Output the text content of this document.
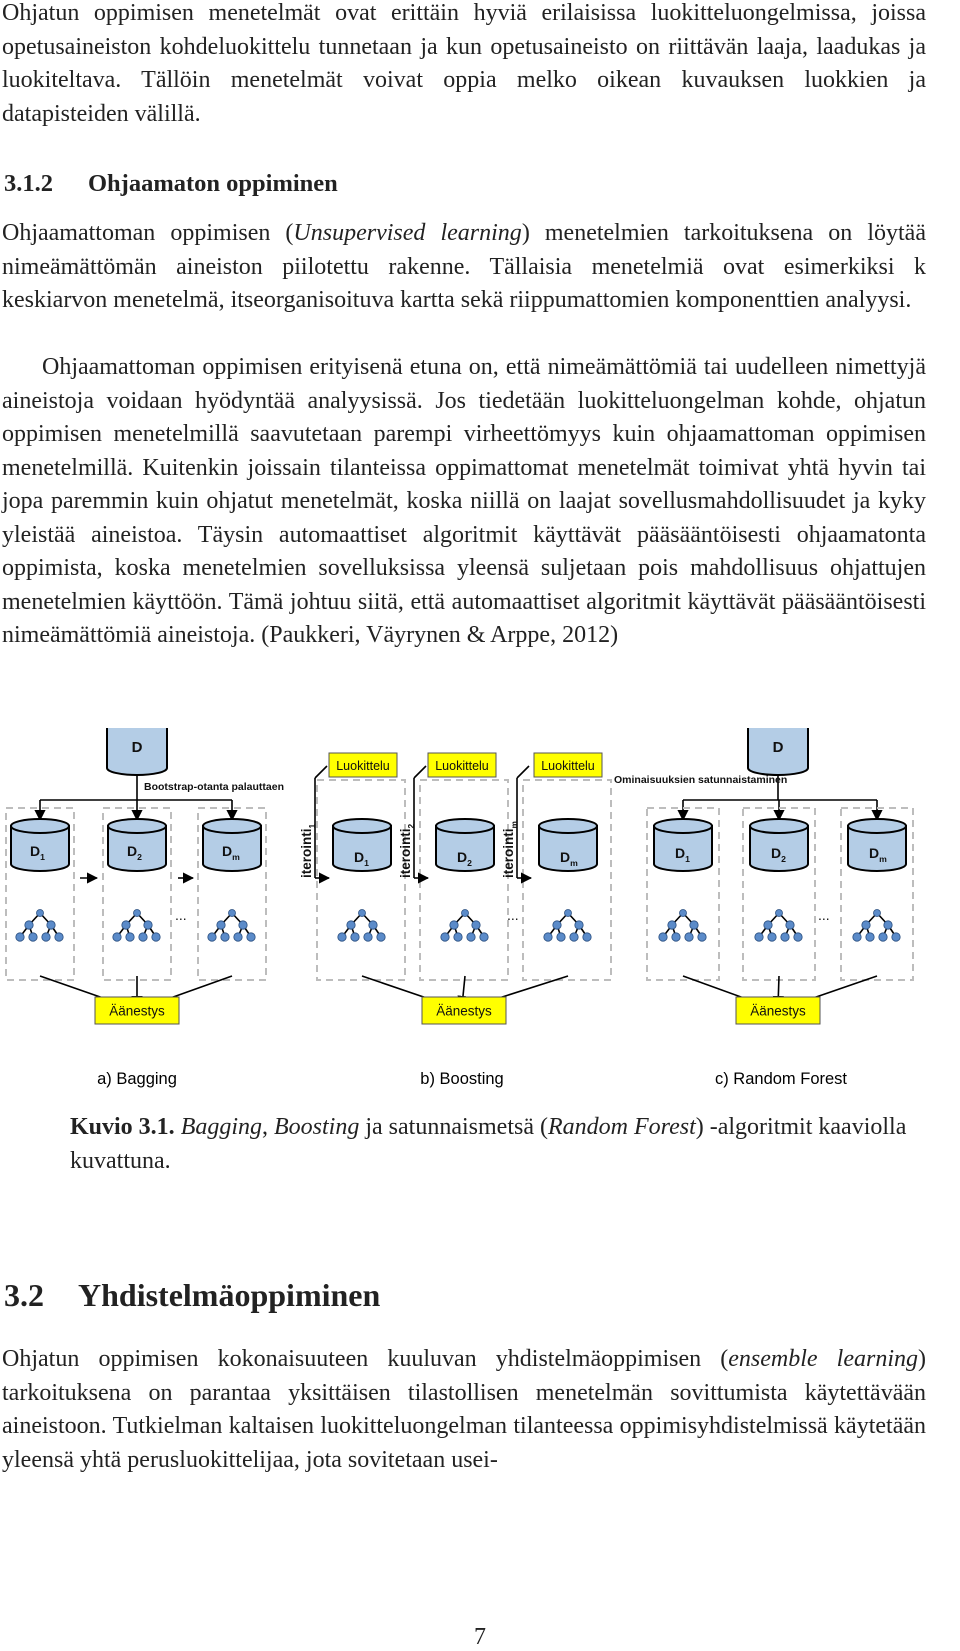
Ohjatun oppimisen menetelmät ovat erittäin hyviä erilaisissa luokitteluongelmissa, joissa opetusaineiston kohdeluokittelu tunnetaan ja kun opetusaineisto on riittävän laaja, laadukas ja luokiteltava. Tällöin menetelmät voivat oppia melko oikean kuvauksen luokkien ja datapisteiden välillä.

3.1.2 Ohjaamaton oppiminen

Ohjaamattoman oppimisen (Unsupervised learning) menetelmien tarkoituksena on löytää nimeämättömän aineiston piilotettu rakenne. Tällaisia menetelmiä ovat esimerkiksi k keskiarvon menetelmä, itseorganisoituva kartta sekä riippumattomien komponenttien analyysi.

Ohjaamattoman oppimisen erityisenä etuna on, että nimeämättömiä tai uudelleen nimettyjä aineistoja voidaan hyödyntää analyysissä. Jos tiedetään luokitteluongelman kohde, ohjatun oppimisen menetelmillä saavutetaan parempi virheettömyys kuin ohjaamattoman oppimisen menetelmillä. Kuitenkin joissain tilanteissa oppimattomat menetelmät toimivat yhtä hyvin tai jopa paremmin kuin ohjatut menetelmät, koska niillä on laajat sovellusmahdollisuudet ja kyky yleistää aineistoa. Täysin automaattiset algoritmit käyttävät pääsääntöisesti ohjaamatonta oppimista, koska menetelmien sovelluksissa yleensä suljetaan pois mahdollisuus ohjattujen menetelmien käyttöön. Tämä johtuu siitä, että automaattiset algoritmit käyttävät pääsääntöisesti nimeämättömiä aineistoja. (Paukkeri, Väyrynen & Arppe, 2012)

D
Bootstrap-otanta palauttaen
$D_1$	$D_2$	$D_m$
...
Äänestys
Luokittelu	Luokittelu	Luokittelu
$D_1$	$D_2$	$D_m$
iterointi$_1$
iterointi$_2$
iterointi$_m$
...
Äänestys
D
Ominaisuuksien satunnaistaminen
$D_1$	$D_2$	$D_m$
...
Äänestys
a) Bagging	b) Boosting	c) Random Forest

Kuvio 3.1. Bagging, Boosting ja satunnaismetsä (Random Forest) -algoritmit kaaviolla kuvattuna.

3.2 Yhdistelmäoppiminen

Ohjatun oppimisen kokonaisuuteen kuuluvan yhdistelmäoppimisen (ensemble learning) tarkoituksena on parantaa yksittäisen tilastollisen menetelmän sovittumista käytettävään aineistoon. Tutkielman kaltaisen luokitteluongelman tilanteessa oppimisyhdistelmissä käytetään yleensä yhtä perusluokittelijaa, jota sovitetaan usei-

7
